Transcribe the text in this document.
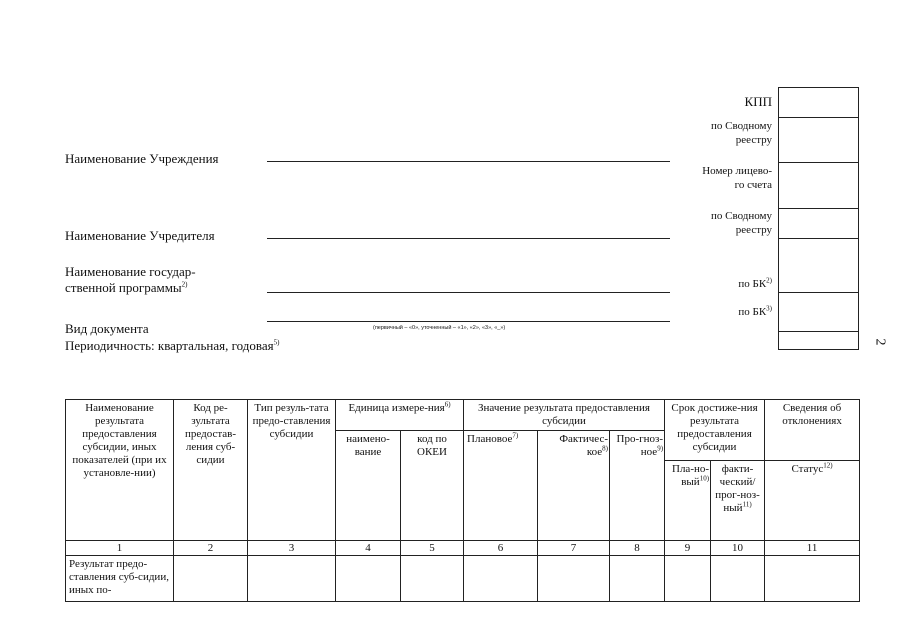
Наименование Учреждения
Наименование Учредителя
Наименование государ-
ственной программы$^{2)}$
Вид документа	(первичный – «0», уточненный – «1», «2», «3», «_»)
Периодичность: квартальная, годовая$^{5)}$
КПП
по Сводному
реестру
Номер лицево-
го счета
по Сводному
реестру
по БК$^{2)}$
по БК$^{3)}$
2
Наименование результата предоставления субсидии, иных показателей (при их установле-нии)	Код ре-зультата предостав-ления суб-сидии	Тип резуль-тата предо-ставления субсидии	Единица измере-ния$^{6)}$		Значение результата предоставления субсидии			Срок достиже-ния результата предоставления субсидии		Сведения об отклонениях
			наимено-вание	код по ОКЕИ	Плановое$^{7)}$	Фактичес-кое$^{8)}$	Про-гноз-ное$^{9)}$
								Пла-но-вый$^{10)}$	факти-ческий/ прог-ноз-ный$^{11)}$	Статус$^{12)}$
1	2	3	4	5	6	7	8	9	10	11
Результат предо-ставления суб-сидии, иных по-										
